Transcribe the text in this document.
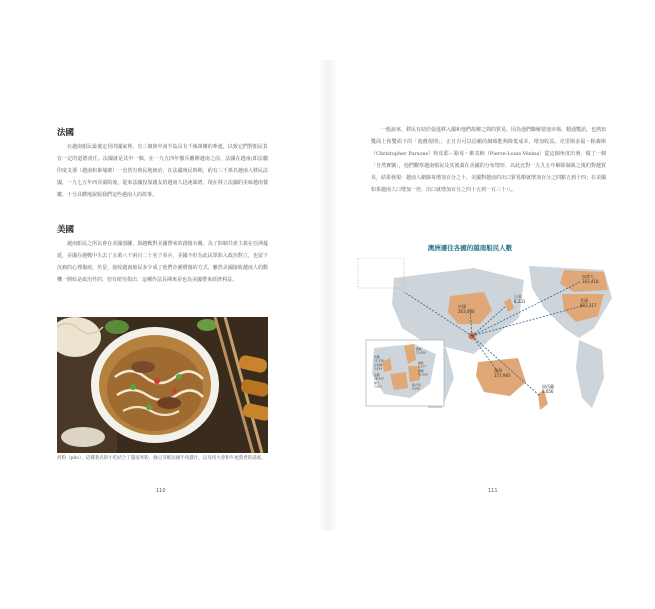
法國

在越南船民最後定居的國家裡，有三個與中南半島具有千絲萬縷的牽連，以致它們對船民負有一定的道德責任。法國就是其中一個，在一九五四年撤兵離開越南之前，法國在越南(即法屬印度支那（越南和柬埔寨）一直皆有殖民地統治，在法國殖民時期，約有三千萬名越南人移民法國，一九七五年西貢淪陷後，從來法國投靠親友的越南人迅速暴增，現在林立法國的美味越南餐廳，十分具體地說服我們這些越南人的故事。

美國

越南船民之所以會在美國落腳，與越戰對美國帶來的創傷有關。為了抑制共產主義在亞洲蔓延，美國在越戰中失去了五萬八千兩百二十名子弟兵，美國不但為此民眾陷入政治對立，也留下沉痛的心理傷痕。於是，接收越南船民多少成了他們企補償傷的方式，雖然美國接收越南人的動機一開始是政治性的，但有研究指出：這種作法長期來看也為美國帶來經濟利益。

河粉（pho），這種著名的小吃結合了越南米粉、綠豆芽配法國牛肉濃汁，以及用大骨和牛尾熬煮的湯底。

110

一般說來，移民有助於促進移入國和他們故鄉之間的貿易，因為他們瞭解當地市場、精通雙語，也熟知雙面上和雙面下的「遊戲規則」，正且有可以信賴的網絡能夠降低成本，增加收益。克里斯多福・帕森斯（Christopher Parsons）和皮耶－路易・維其納（Pierre-Louis Vézina）從這個角度出發，做了一個「自然實驗」，他們觀察越南船民及其後裔在美國的分布情形，以此比對一九九五年解除制裁之後的對越貿易，結果發現：越南人網絡每增加百分之十，美國對越南的出口貿易額就增加百分之四點五到十四；在美國如果越南人口增加一倍，出口就增加百分之四十五到一百三十八。

111
澳洲遷往各國的越南船民人數
加拿大
163,418
美國
883,317
日本
8,231
中國
263,000
澳洲
157,983
紐西蘭
6,056
挪威
12,000
英國
11,556
比利時
3,814
瑞典
1,377
法國
26,413
德國
41,500
瑞士
1,601	義大利
4,000
